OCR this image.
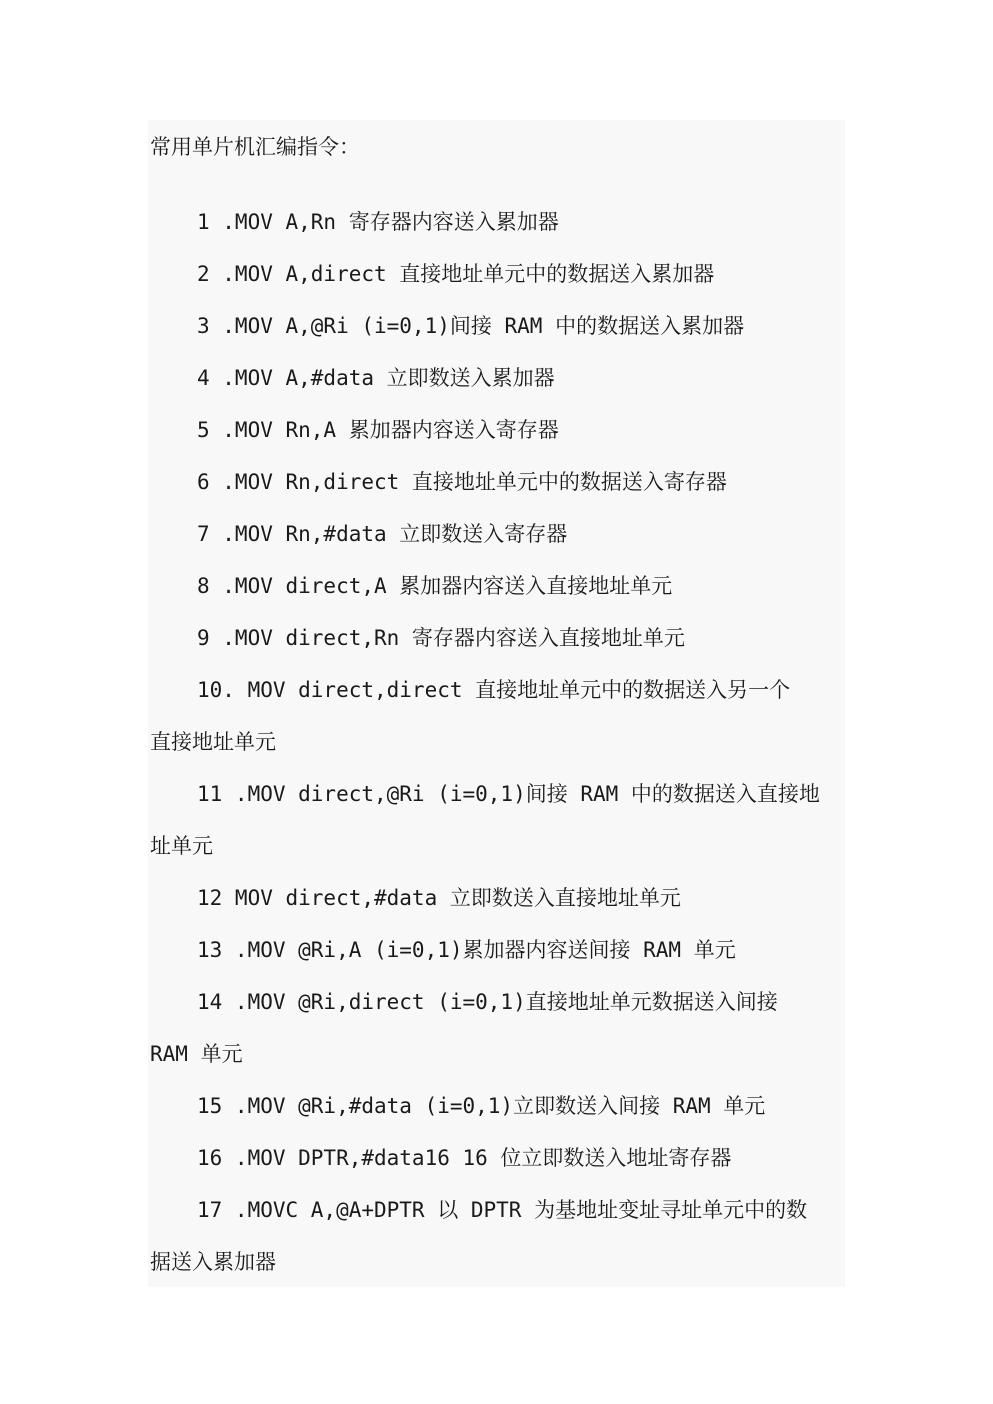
常用单片机汇编指令：
1 .MOV A,Rn 寄存器内容送入累加器
2 .MOV A,direct 直接地址单元中的数据送入累加器
3 .MOV A,@Ri (i=0,1)间接 RAM 中的数据送入累加器
4 .MOV A,#data 立即数送入累加器
5 .MOV Rn,A 累加器内容送入寄存器
6 .MOV Rn,direct 直接地址单元中的数据送入寄存器
7 .MOV Rn,#data 立即数送入寄存器
8 .MOV direct,A 累加器内容送入直接地址单元
9 .MOV direct,Rn 寄存器内容送入直接地址单元
10. MOV direct,direct 直接地址单元中的数据送入另一个
直接地址单元
11 .MOV direct,@Ri (i=0,1)间接 RAM 中的数据送入直接地
址单元
12 MOV direct,#data 立即数送入直接地址单元
13 .MOV @Ri,A (i=0,1)累加器内容送间接 RAM 单元
14 .MOV @Ri,direct (i=0,1)直接地址单元数据送入间接
RAM 单元
15 .MOV @Ri,#data (i=0,1)立即数送入间接 RAM 单元
16 .MOV DPTR,#data16 16 位立即数送入地址寄存器
17 .MOVC A,@A+DPTR 以 DPTR 为基地址变址寻址单元中的数
据送入累加器
